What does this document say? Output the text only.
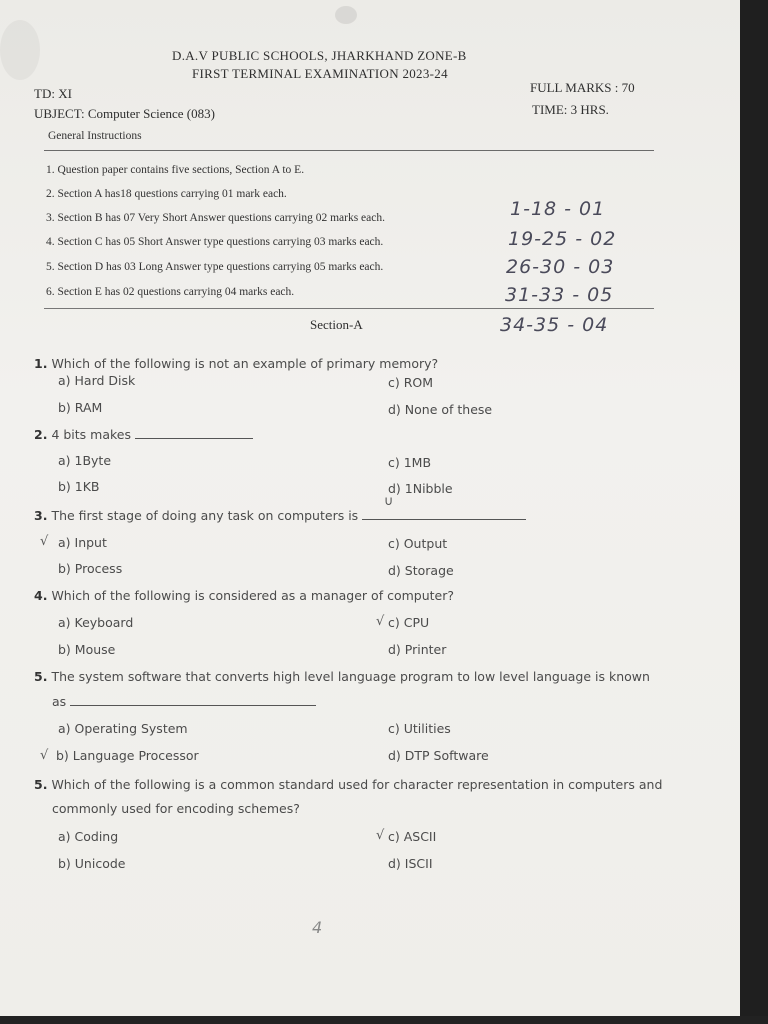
D.A.V PUBLIC SCHOOLS, JHARKHAND ZONE-B
FIRST TERMINAL EXAMINATION 2023-24
TD: XI	FULL MARKS : 70
UBJECT: Computer Science (083)	TIME: 3 HRS.
General Instructions
1. Question paper contains five sections, Section A to E.
2. Section A has18 questions carrying 01 mark each.
3. Section B has 07 Very Short Answer questions carrying 02 marks each.
4. Section C has 05 Short Answer type questions carrying 03 marks each.
5. Section D has 03 Long Answer type questions carrying 05 marks each.
6. Section E has 02 questions carrying 04 marks each.
1-18 - 01
19-25 - 02
26-30 - 03
31-33 - 05
34-35 - 04
Section-A
1. Which of the following is not an example of primary memory?
a) Hard Disk	c) ROM
b) RAM	d) None of these
2. 4 bits makes
a) 1Byte	c) 1MB
b) 1KB	d) 1Nibble
∪
3. The first stage of doing any task on computers is
√ a) Input	c) Output
b) Process	d) Storage
4. Which of the following is considered as a manager of computer?
a) Keyboard	√ c) CPU
b) Mouse	d) Printer
5. The system software that converts high level language program to low level language is known
as
a) Operating System	c) Utilities
√ b) Language Processor	d) DTP Software
5. Which of the following is a common standard used for character representation in computers and
commonly used for encoding schemes?
a) Coding	√ c) ASCII
b) Unicode	d) ISCII
4
